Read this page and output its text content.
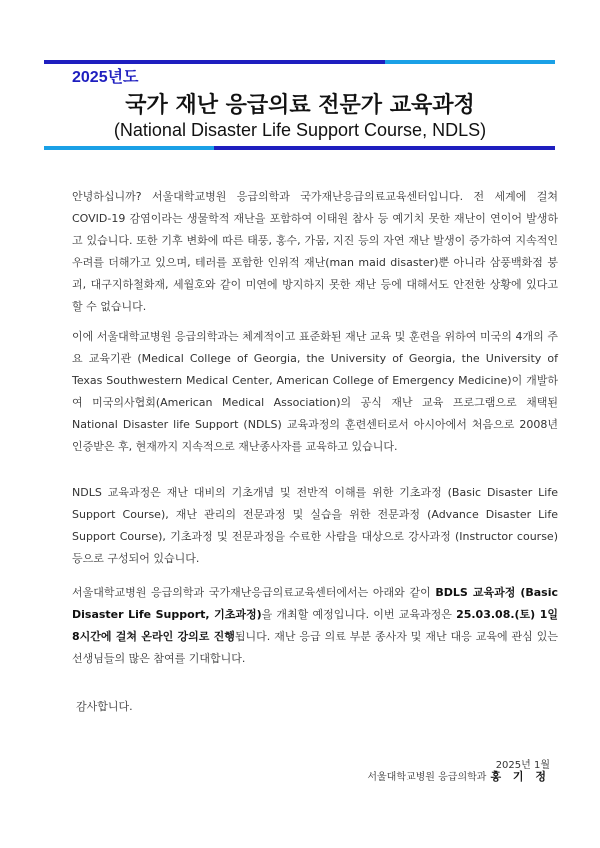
2025년도
국가 재난 응급의료 전문가 교육과정
(National Disaster Life Support Course, NDLS)
안녕하십니까? 서울대학교병원 응급의학과 국가재난응급의료교육센터입니다. 전 세계에 걸쳐 COVID-19 감염이라는 생물학적 재난을 포함하여 이태원 참사 등 예기치 못한 재난이 연이어 발생하고 있습니다. 또한 기후 변화에 따른 태풍, 홍수, 가뭄, 지진 등의 자연 재난 발생이 증가하여 지속적인 우려를 더해가고 있으며, 테러를 포함한 인위적 재난(man maid disaster)뿐 아니라 삼풍백화점 붕괴, 대구지하철화재, 세월호와 같이 미연에 방지하지 못한 재난 등에 대해서도 안전한 상황에 있다고 할 수 없습니다.
이에 서울대학교병원 응급의학과는 체계적이고 표준화된 재난 교육 및 훈련을 위하여 미국의 4개의 주요 교육기관 (Medical College of Georgia, the University of Georgia, the University of Texas Southwestern Medical Center, American College of Emergency Medicine)이 개발하여 미국의사협회(American Medical Association)의 공식 재난 교육 프로그램으로 채택된 National Disaster life Support (NDLS) 교육과정의 훈련센터로서 아시아에서 처음으로 2008년 인증받은 후, 현재까지 지속적으로 재난종사자를 교육하고 있습니다.
NDLS 교육과정은 재난 대비의 기초개념 및 전반적 이해를 위한 기초과정 (Basic Disaster Life Support Course), 재난 관리의 전문과정 및 실습을 위한 전문과정 (Advance Disaster Life Support Course), 기초과정 및 전문과정을 수료한 사람을 대상으로 강사과정 (Instructor course) 등으로 구성되어 있습니다.
서울대학교병원 응급의학과 국가재난응급의료교육센터에서는 아래와 같이 BDLS 교육과정 (Basic Disaster Life Support, 기초과정)을 개최할 예정입니다. 이번 교육과정은 25.03.08.(토) 1일 8시간에 걸쳐 온라인 강의로 진행됩니다. 재난 응급 의료 부분 종사자 및 재난 대응 교육에 관심 있는 선생님들의 많은 참여를 기대합니다.
감사합니다.
2025년 1월
서울대학교병원 응급의학과 홍 기 정
